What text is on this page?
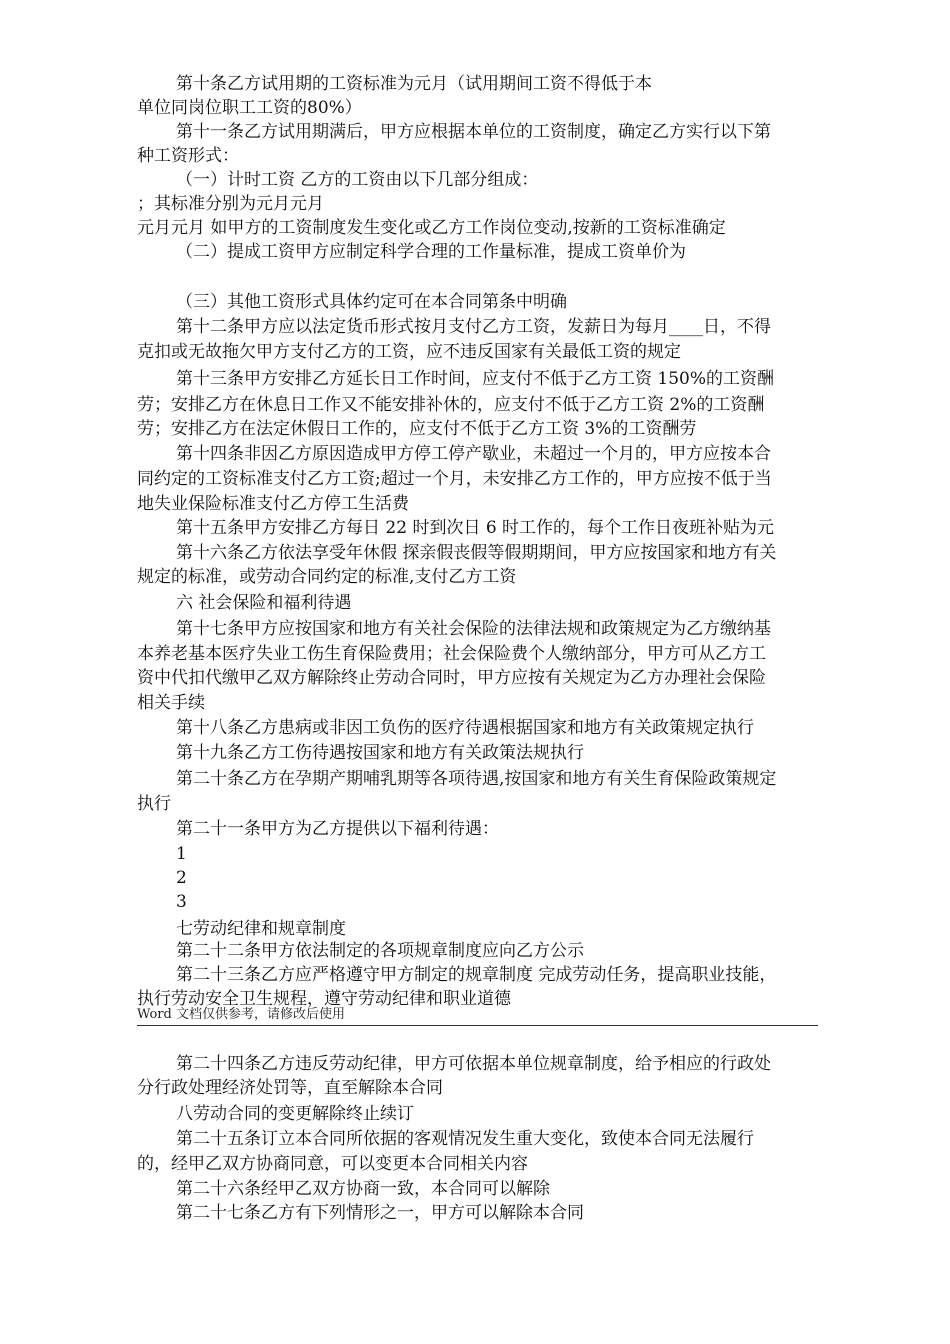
第十条乙方试用期的工资标准为元月（试用期间工资不得低于本
单位同岗位职工工资的80%）
第十一条乙方试用期满后，甲方应根据本单位的工资制度，确定乙方实行以下第
种工资形式：
（一）计时工资 乙方的工资由以下几部分组成：
；其标准分别为元月元月
元月元月 如甲方的工资制度发生变化或乙方工作岗位变动,按新的工资标准确定
（二）提成工资甲方应制定科学合理的工作量标准，提成工资单价为
（三）其他工资形式具体约定可在本合同第条中明确
第十二条甲方应以法定货币形式按月支付乙方工资，发薪日为每月____日，不得
克扣或无故拖欠甲方支付乙方的工资，应不违反国家有关最低工资的规定
第十三条甲方安排乙方延长日工作时间，应支付不低于乙方工资 150%的工资酬
劳；安排乙方在休息日工作又不能安排补休的，应支付不低于乙方工资 2%的工资酬
劳；安排乙方在法定休假日工作的，应支付不低于乙方工资 3%的工资酬劳
第十四条非因乙方原因造成甲方停工停产歇业，未超过一个月的，甲方应按本合
同约定的工资标准支付乙方工资;超过一个月，未安排乙方工作的，甲方应按不低于当
地失业保险标准支付乙方停工生活费
第十五条甲方安排乙方每日 22 时到次日 6 时工作的，每个工作日夜班补贴为元
第十六条乙方依法享受年休假 探亲假丧假等假期期间，甲方应按国家和地方有关
规定的标准，或劳动合同约定的标准,支付乙方工资
六 社会保险和福利待遇
第十七条甲方应按国家和地方有关社会保险的法律法规和政策规定为乙方缴纳基
本养老基本医疗失业工伤生育保险费用；社会保险费个人缴纳部分，甲方可从乙方工
资中代扣代缴甲乙双方解除终止劳动合同时，甲方应按有关规定为乙方办理社会保险
相关手续
第十八条乙方患病或非因工负伤的医疗待遇根据国家和地方有关政策规定执行
第十九条乙方工伤待遇按国家和地方有关政策法规执行
第二十条乙方在孕期产期哺乳期等各项待遇,按国家和地方有关生育保险政策规定
执行
第二十一条甲方为乙方提供以下福利待遇：
1
2
3
七劳动纪律和规章制度
第二十二条甲方依法制定的各项规章制度应向乙方公示
第二十三条乙方应严格遵守甲方制定的规章制度 完成劳动任务，提高职业技能，
执行劳动安全卫生规程，遵守劳动纪律和职业道德
Word 文档仅供参考，请修改后使用
第二十四条乙方违反劳动纪律，甲方可依据本单位规章制度，给予相应的行政处
分行政处理经济处罚等，直至解除本合同
八劳动合同的变更解除终止续订
第二十五条订立本合同所依据的客观情况发生重大变化，致使本合同无法履行
的，经甲乙双方协商同意，可以变更本合同相关内容
第二十六条经甲乙双方协商一致，本合同可以解除
第二十七条乙方有下列情形之一，甲方可以解除本合同
